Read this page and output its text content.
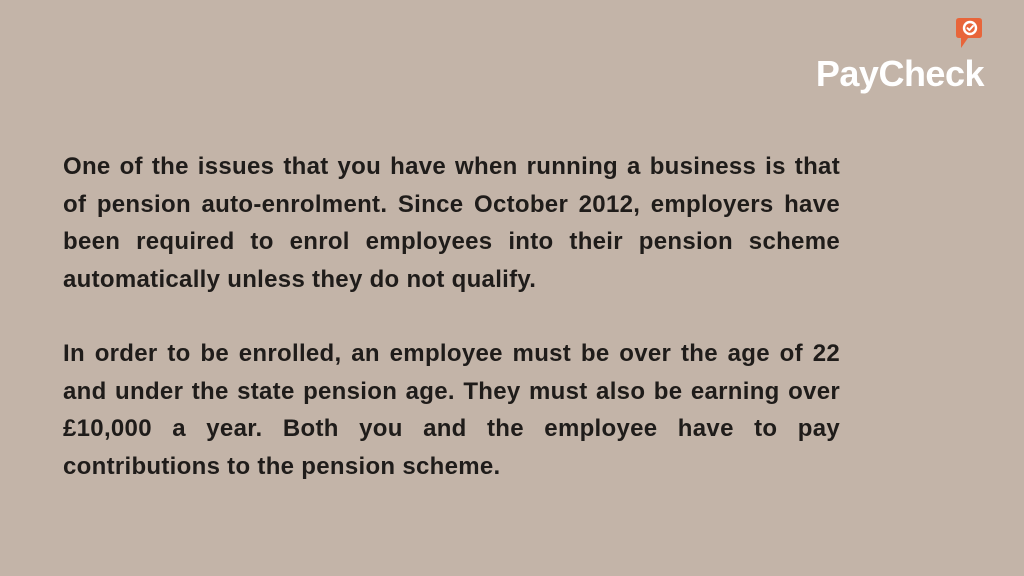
PayCheck

One of the issues that you have when running a business is that of pension auto-enrolment. Since October 2012, employers have been required to enrol employees into their pension scheme automatically unless they do not qualify.

In order to be enrolled, an employee must be over the age of 22 and under the state pension age. They must also be earning over £10,000 a year. Both you and the employee have to pay contributions to the pension scheme.
